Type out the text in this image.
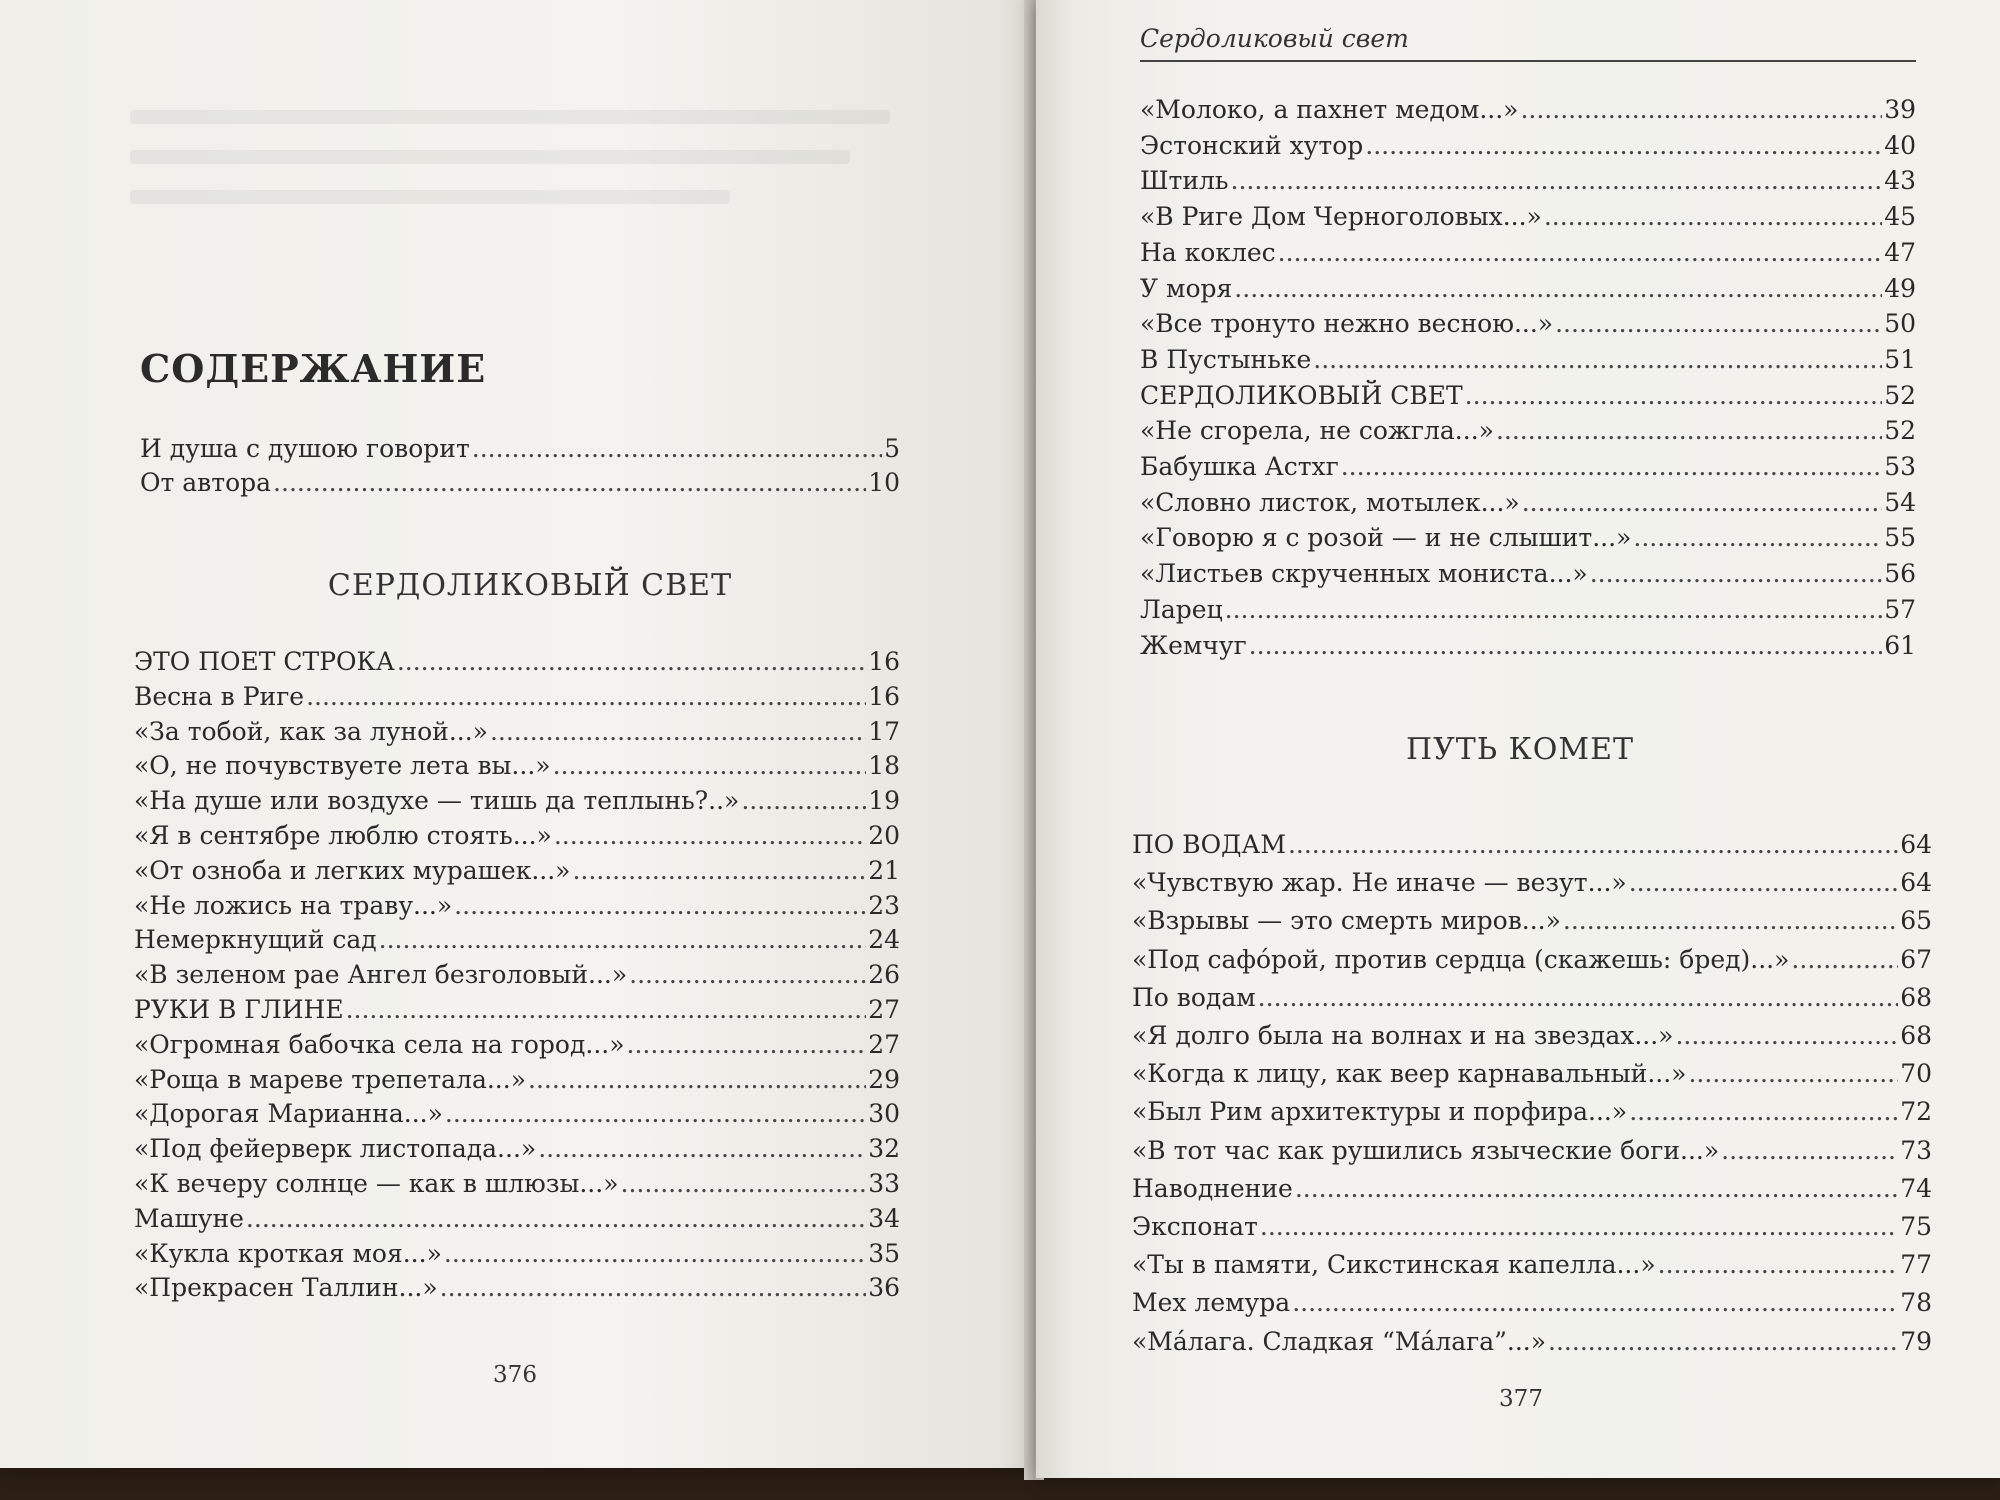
СОДЕРЖАНИЕ
И душа с душою говорит .....	5
От автора .....	10
СЕРДОЛИКОВЫЙ СВЕТ
ЭТО ПОЕТ СТРОКА .....	16
Весна в Риге .....	16
«За тобой, как за луной...» .....	17
«О, не почувствуете лета вы...» .....	18
«На душе или воздухе — тишь да теплынь?..» .....	19
«Я в сентябре люблю стоять...» .....	20
«От озноба и легких мурашек...» .....	21
«Не ложись на траву...» .....	23
Немеркнущий сад .....	24
«В зеленом рае Ангел безголовый...» .....	26
РУКИ В ГЛИНЕ .....	27
«Огромная бабочка села на город...» .....	27
«Роща в мареве трепетала...» .....	29
«Дорогая Марианна...» .....	30
«Под фейерверк листопада...» .....	32
«К вечеру солнце — как в шлюзы...» .....	33
Машуне .....	34
«Кукла кроткая моя...» .....	35
«Прекрасен Таллин...» .....	36
376
Сердоликовый свет
«Молоко, а пахнет медом...» .....	39
Эстонский хутор .....	40
Штиль .....	43
«В Риге Дом Черноголовых...» .....	45
На коклес .....	47
У моря .....	49
«Все тронуто нежно весною...» .....	50
В Пустыньке .....	51
СЕРДОЛИКОВЫЙ СВЕТ .....	52
«Не сгорела, не сожгла...» .....	52
Бабушка Астхг .....	53
«Словно листок, мотылек...» .....	54
«Говорю я с розой — и не слышит...» .....	55
«Листьев скрученных мониста...» .....	56
Ларец .....	57
Жемчуг .....	61
ПУТЬ КОМЕТ
ПО ВОДАМ .....	64
«Чувствую жар. Не иначе — везут...» .....	64
«Взрывы — это смерть миров...» .....	65
«Под сафóрой, против сердца (скажешь: бред)...» .....	67
По водам .....	68
«Я долго была на волнах и на звездах...» .....	68
«Когда к лицу, как веер карнавальный...» .....	70
«Был Рим архитектуры и порфира...» .....	72
«В тот час как рушились языческие боги...» .....	73
Наводнение .....	74
Экспонат .....	75
«Ты в памяти, Сикстинская капелла...» .....	77
Мех лемура .....	78
«Мáлага. Сладкая “Мáлага”...» .....	79
377
